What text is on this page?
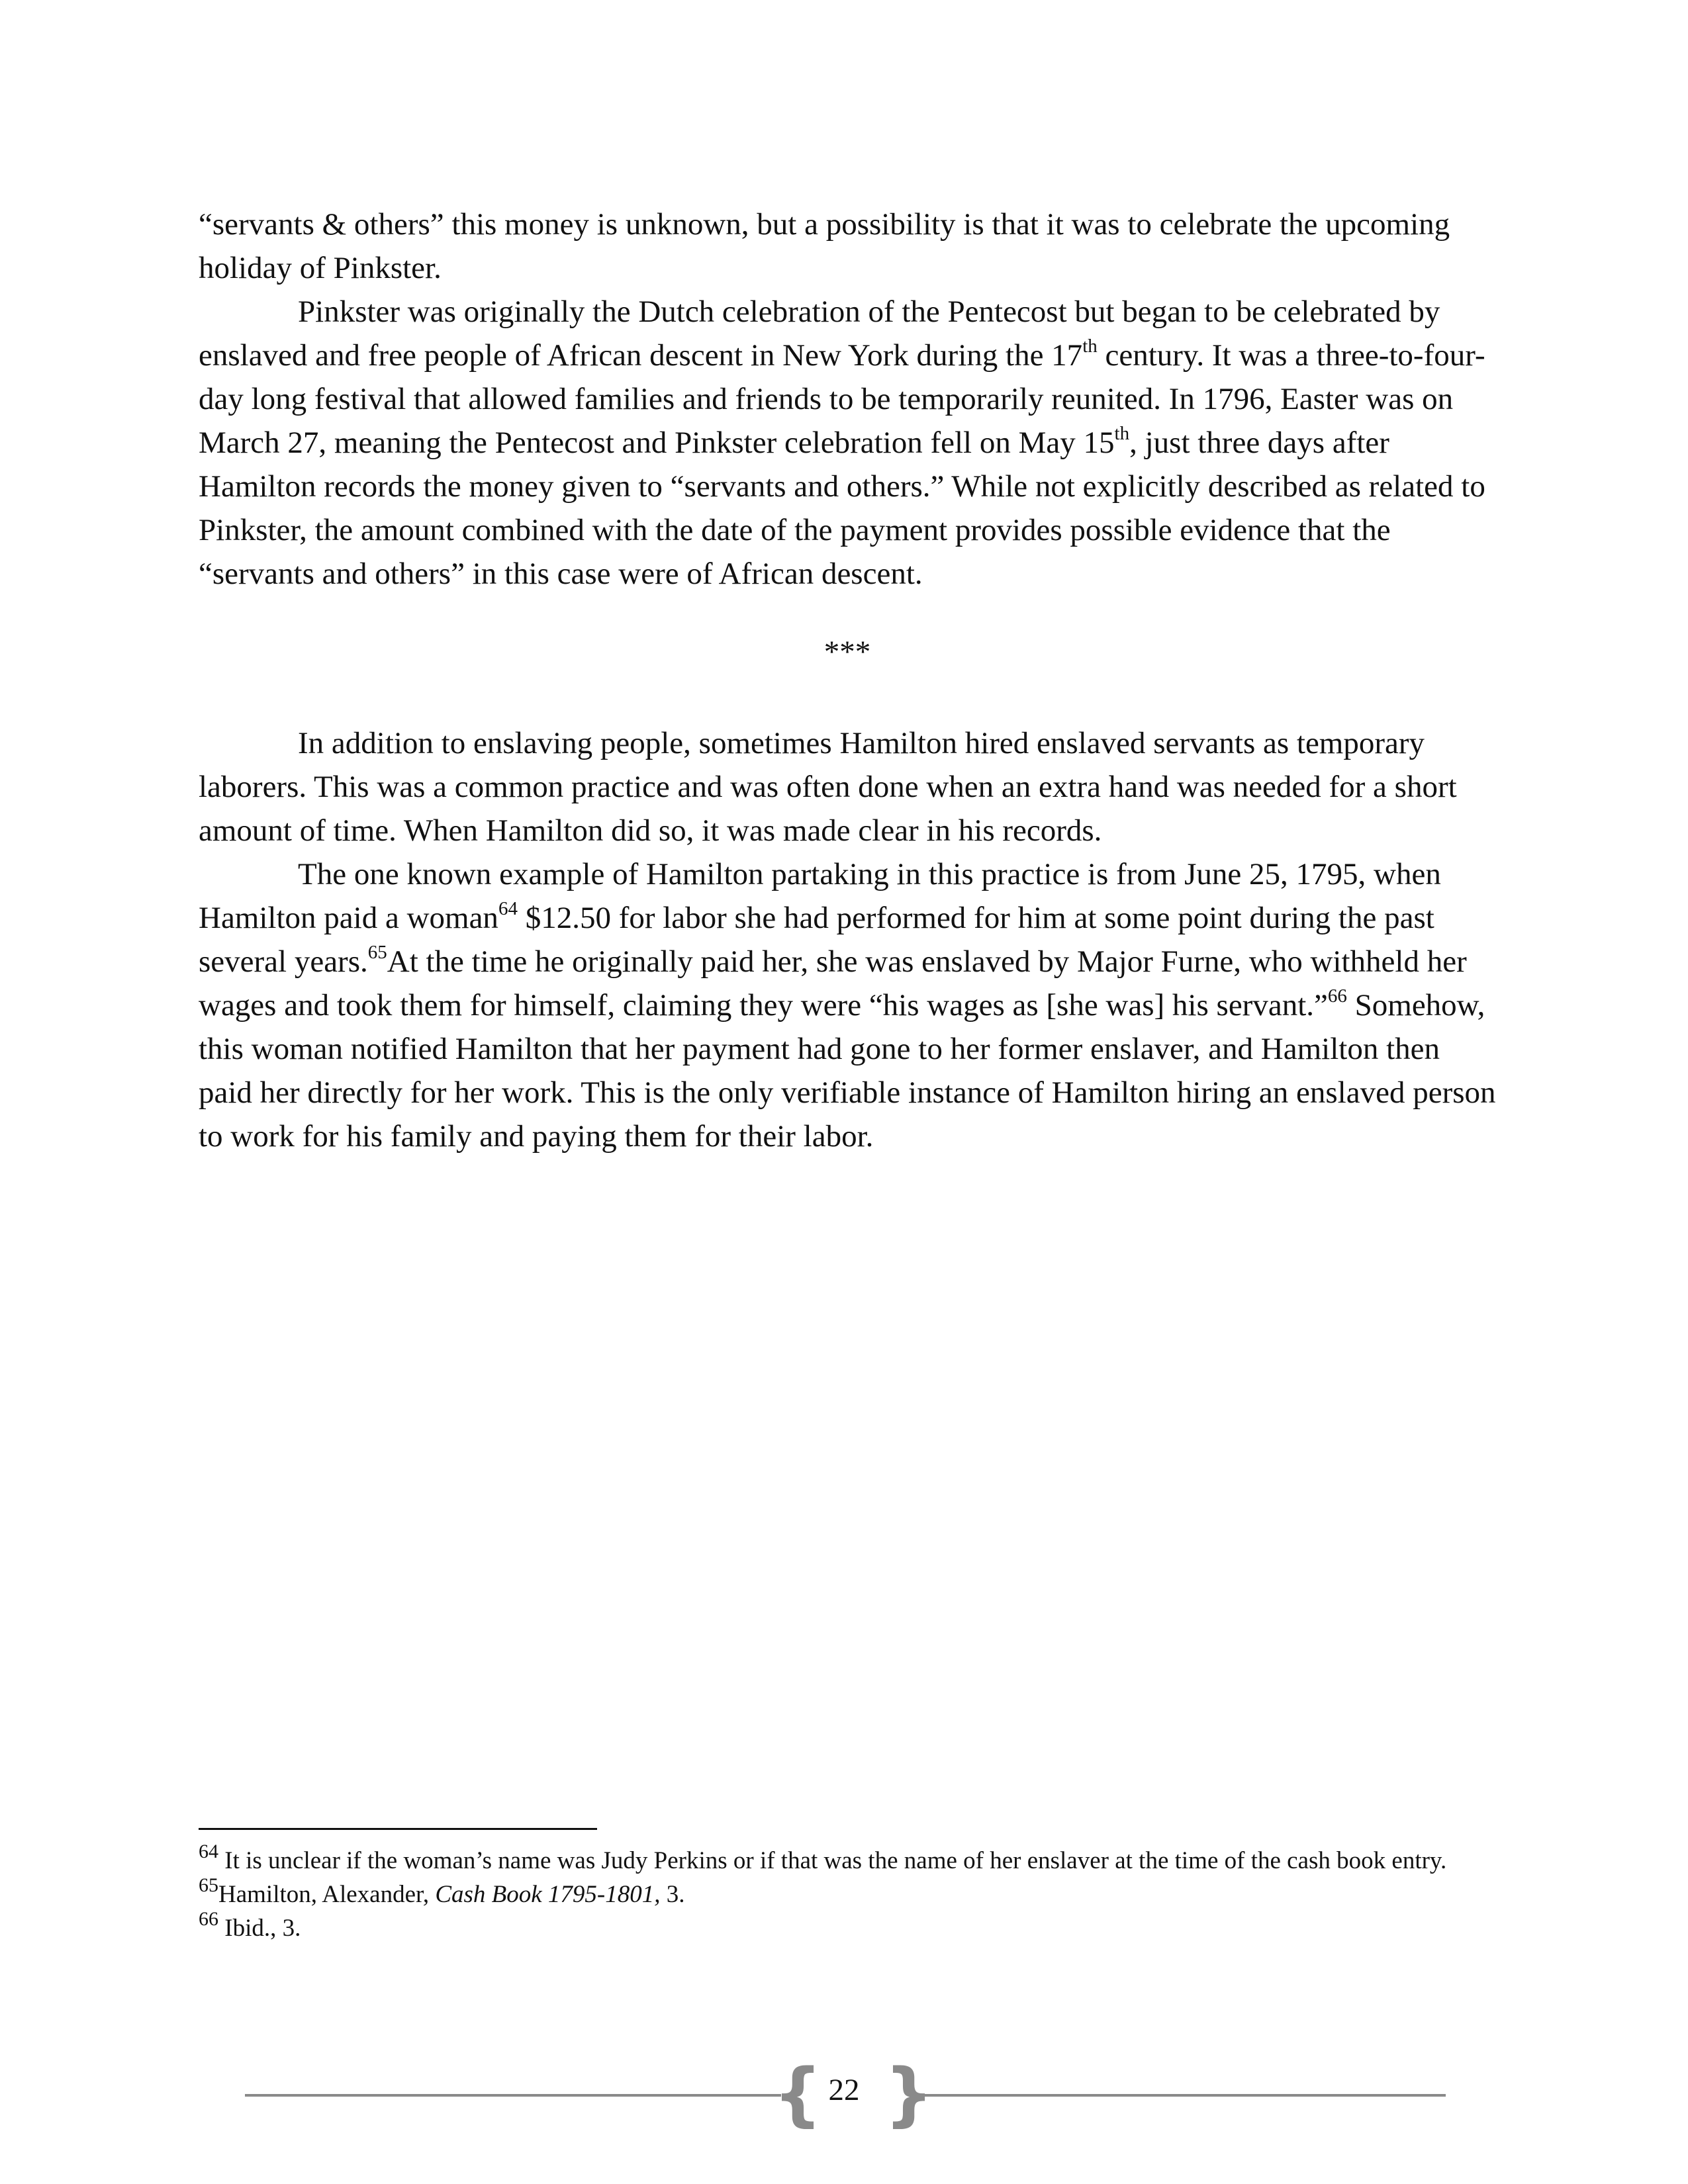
“servants & others” this money is unknown, but a possibility is that it was to celebrate the upcoming holiday of Pinkster.

Pinkster was originally the Dutch celebration of the Pentecost but began to be celebrated by enslaved and free people of African descent in New York during the 17th century. It was a three-to-four-day long festival that allowed families and friends to be temporarily reunited. In 1796, Easter was on March 27, meaning the Pentecost and Pinkster celebration fell on May 15th, just three days after Hamilton records the money given to “servants and others.” While not explicitly described as related to Pinkster, the amount combined with the date of the payment provides possible evidence that the “servants and others” in this case were of African descent.

***

In addition to enslaving people, sometimes Hamilton hired enslaved servants as temporary laborers. This was a common practice and was often done when an extra hand was needed for a short amount of time. When Hamilton did so, it was made clear in his records.

The one known example of Hamilton partaking in this practice is from June 25, 1795, when Hamilton paid a woman$^{64}$ $12.50 for labor she had performed for him at some point during the past several years.$^{65}$At the time he originally paid her, she was enslaved by Major Furne, who withheld her wages and took them for himself, claiming they were “his wages as [she was] his servant.”$^{66}$ Somehow, this woman notified Hamilton that her payment had gone to her former enslaver, and Hamilton then paid her directly for her work. This is the only verifiable instance of Hamilton hiring an enslaved person to work for his family and paying them for their labor.

$^{64}$ It is unclear if the woman’s name was Judy Perkins or if that was the name of her enslaver at the time of the cash book entry.

$^{65}$Hamilton, Alexander, Cash Book 1795-1801, 3.

$^{66}$ Ibid., 3.

{ 22 }
